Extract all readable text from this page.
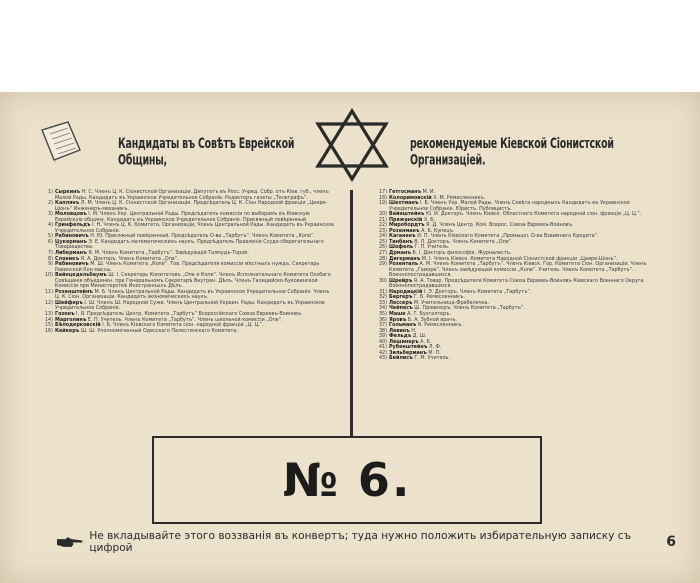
Кандидаты въ Совѣтъ Еврейской Общины,
рекомендуемые Кіевской Сіонистской Организаціей.
1) Сыркинъ Н. С. Членъ Ц. К. Сіонистской Организаціи. Депутатъ въ Росс. Учред. Собр. отъ Кіев. губ., членъ Малой Рады. Кандидатъ въ Украинское Учредительное Собраніе. Редакторъ газеты „Телеграфъ“.
2) Каплянъ Л. М. Членъ Ц. К. Сіонистской Организаціи. Предсѣдатель Ц. К. Сіон Народной фракціи „Цеире-Ціонъ“ Инженеръ-механикъ.
3) Моловцовъ I. М. Членъ Укр. Центральной Рады. Предсѣдатель комиссіи по выборамъ въ Кіевскую Еврейскую общину. Кандидатъ въ Украинское Учредительное Собраніе. Присяжный повѣренный.
4) Гринфельдъ I. Н. Членъ Ц. К. Комитета, Организаціи, Членъ Центральной Рады. Кандидатъ въ Украинское Учредительное Собраніе.
5) Рабиновичъ Н. Ю. Присяжный повѣренный. Предсѣдатель О-ва „Тарбутъ“. Членъ Комитета „Копе“.
6) Цукерманъ Э. Е. Кандидатъ математическихъ наукъ. Предсѣдатель Правленія Ссудо-сберегательнаго Товарищества.
7) Либерманъ Я. М. Членъ Комитета „Тарбутъ“. Завѣдующій Талмудъ-Торой.
8) Слоникъ Я. А. Докторъ. Членъ Комитета „Опе“.
9) Рабиновичъ М. Ш. Членъ Комитета „Копе“. Тов. Предсѣдателя комиссіи мѣстныхъ нуждъ. Секретарь Равинской Кон массы.
10) Вайнцедельбаумъ Ш. I. Секретарь Комитетовъ „Опе и Копе“. Членъ Исполнительнаго Комитета Особаго Совѣщанія объединен. при Генеральномъ Секретарѣ Внутрен. Дѣлъ. Членъ Галицийско-Буковинской Комиссіи при Министерствѣ Иностранныхъ Дѣлъ.
11) Розенштейнъ М. Б. Членъ Центральной Рады. Кандидатъ въ Украинское Учредительное Собраніе. Членъ Ц. К. Сіон. Организаціи. Кандидатъ экономическихъ наукъ.
12) Шейферъ I. Ш. Членъ Ш. Народной Сужи. Членъ Центральной Украин. Рады. Кандидатъ въ Украинское Учредительное Собраніе.
13) Гозенъ I. Я. Предсѣдатель Центр. Комитета „Тарбутъ“ Всероссійскаго Союза Евреевъ-Воиновъ.
14) Марголинъ Е. П. Учитель. Членъ Комитета „Тарбутъ“. Членъ школьной комиссіи „Опе“.
15) Бѣлодерковскій I. Б. Членъ Кіевскаго Комитета сіон. народной фракціи „Ц. Ц.“.
16) Кейкеръ Ш. Ш. Уполномоченный Одесскаго Палестинскаго Комитета.
17) Гетгосманъ М. И.
18) Колоримовскій Х. М. Ремесленникъ.
19) Шехтманъ I. Б. Членъ Укр. Малой Рады. Членъ Совѣта народныхъ Кандидатъ въ Украинское Учредительное Собраніе. Юристъ. Публицистъ.
20) Вайнштейнъ Ю. И. Докторъ. Членъ Кіевск. Областного Комитета народной сіон. фракціи „Ц. Ц.“.
21) Пряжанскій Х. Б.
22) Миробордтъ Я. Д. Членъ Центр. Ком. Всерос. Союза Евреевъ-Воиновъ.
23) Розенманъ А. Б. Купецъ.
24) Каганенъ И. П. Членъ Кіевскаго Комитета „Промышл. О-ва Взаимнаго Кредита“.
25) Тинбанъ В. Л. Докторъ. Членъ Комитета „Опе“.
26) Шофель Г. П. Учитель.
27) Дрманъ Б. I. Докторъ философіи. Журналистъ.
28) Дигерманъ М. I. Членъ Кіевск. Комитета Народной Сіонистской фракціи „Цеире-Ціонъ“.
29) Розенталь А. М. Членъ Комитета „Тарбутъ“. Членъ Кіевск. Гор. Комитета Сіон. Организаціи. Членъ Комитета „Гаморе“. Членъ завѣдующей комиссіи „Копе“. Учитель. Членъ Комитета „Тарбутъ“. Военнопострадавшихся.
30) Шрейръ Я. А. Товар. Предсѣдателя Комитета Союза Евреевъ-Воиновъ Кіевскаго Военнаго Округа. Военнопострадавшихся.
31) Народицкій I. Э. Докторъ. Членъ Комитета „Тарбутъ“.
32) Бергеръ Г. Б. Ремесленникъ.
33) Лессеръ М. Учительница-Фребеличка.
34) Чейпесъ Ш. Провизоръ. Членъ Комитета „Тарбутъ“.
35) Маше А. Г. Бухгалтеръ.
36) Яровъ Б. А. Зубной врачъ.
37) Гольманъ Я. Ремесленникъ.
38) Левинъ Н.
39) Фельдъ Д. Ш.
40) Лешинеръ А. Б.
41) Рубенштейнъ Л. Ф.
42) Зильберманъ М. П.
43) Бейлисъ Г. М. Учитель.
№ 6.
Не вкладывайте этого воззванія въ конвертъ; туда нужно положить избирательную записку съ цифрой	6
